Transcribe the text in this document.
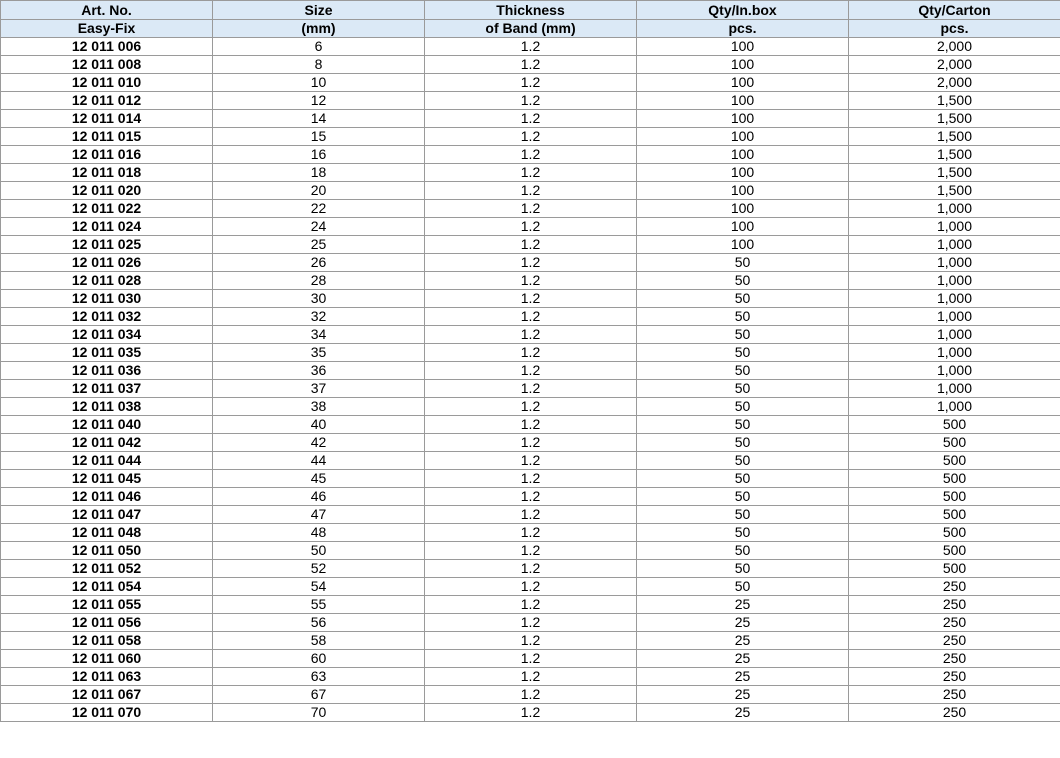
Art. No.	Size	Thickness	Qty/In.box	Qty/Carton
Easy-Fix	(mm)	of Band (mm)	pcs.	pcs.
12 011 006	6	1.2	100	2,000
12 011 008	8	1.2	100	2,000
12 011 010	10	1.2	100	2,000
12 011 012	12	1.2	100	1,500
12 011 014	14	1.2	100	1,500
12 011 015	15	1.2	100	1,500
12 011 016	16	1.2	100	1,500
12 011 018	18	1.2	100	1,500
12 011 020	20	1.2	100	1,500
12 011 022	22	1.2	100	1,000
12 011 024	24	1.2	100	1,000
12 011 025	25	1.2	100	1,000
12 011 026	26	1.2	50	1,000
12 011 028	28	1.2	50	1,000
12 011 030	30	1.2	50	1,000
12 011 032	32	1.2	50	1,000
12 011 034	34	1.2	50	1,000
12 011 035	35	1.2	50	1,000
12 011 036	36	1.2	50	1,000
12 011 037	37	1.2	50	1,000
12 011 038	38	1.2	50	1,000
12 011 040	40	1.2	50	500
12 011 042	42	1.2	50	500
12 011 044	44	1.2	50	500
12 011 045	45	1.2	50	500
12 011 046	46	1.2	50	500
12 011 047	47	1.2	50	500
12 011 048	48	1.2	50	500
12 011 050	50	1.2	50	500
12 011 052	52	1.2	50	500
12 011 054	54	1.2	50	250
12 011 055	55	1.2	25	250
12 011 056	56	1.2	25	250
12 011 058	58	1.2	25	250
12 011 060	60	1.2	25	250
12 011 063	63	1.2	25	250
12 011 067	67	1.2	25	250
12 011 070	70	1.2	25	250
